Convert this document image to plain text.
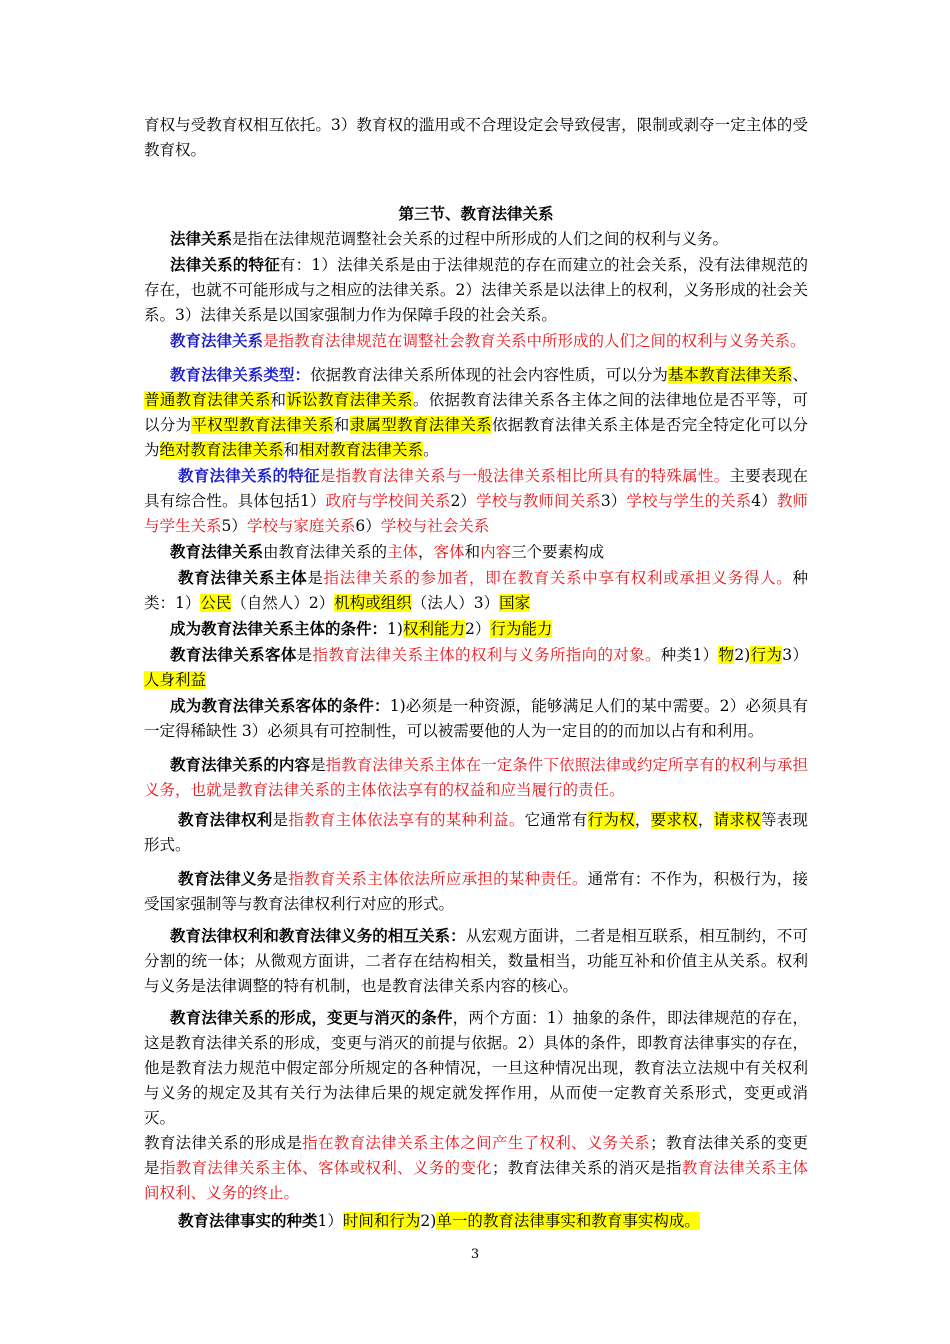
育权与受教育权相互依托。3）教育权的滥用或不合理设定会导致侵害，限制或剥夺一定主体的受教育权。

第三节、教育法律关系

法律关系是指在法律规范调整社会关系的过程中所形成的人们之间的权利与义务。

法律关系的特征有：1）法律关系是由于法律规范的存在而建立的社会关系，没有法律规范的存在，也就不可能形成与之相应的法律关系。2）法律关系是以法律上的权利，义务形成的社会关系。3）法律关系是以国家强制力作为保障手段的社会关系。

教育法律关系是指教育法律规范在调整社会教育关系中所形成的人们之间的权利与义务关系。

教育法律关系类型：依据教育法律关系所体现的社会内容性质，可以分为基本教育法律关系、普通教育法律关系和诉讼教育法律关系。依据教育法律关系各主体之间的法律地位是否平等，可以分为平权型教育法律关系和隶属型教育法律关系依据教育法律关系主体是否完全特定化可以分为绝对教育法律关系和相对教育法律关系。

教育法律关系的特征是指教育法律关系与一般法律关系相比所具有的特殊属性。主要表现在具有综合性。具体包括1）政府与学校间关系2）学校与教师间关系3）学校与学生的关系4）教师与学生关系5）学校与家庭关系6）学校与社会关系

教育法律关系由教育法律关系的主体，客体和内容三个要素构成

教育法律关系主体是指法律关系的参加者，即在教育关系中享有权利或承担义务得人。种类：1）公民（自然人）2）机构或组织（法人）3）国家

成为教育法律关系主体的条件：1)权利能力2）行为能力

教育法律关系客体是指教育法律关系主体的权利与义务所指向的对象。种类1）物2)行为3）人身利益

成为教育法律关系客体的条件：1)必须是一种资源，能够满足人们的某中需要。2）必须具有一定得稀缺性 3）必须具有可控制性，可以被需要他的人为一定目的的而加以占有和利用。

教育法律关系的内容是指教育法律关系主体在一定条件下依照法律或约定所享有的权利与承担义务，也就是教育法律关系的主体依法享有的权益和应当履行的责任。

教育法律权利是指教育主体依法享有的某种利益。它通常有行为权，要求权，请求权等表现形式。

教育法律义务是指教育关系主体依法所应承担的某种责任。通常有：不作为，积极行为，接受国家强制等与教育法律权利行对应的形式。

教育法律权利和教育法律义务的相互关系：从宏观方面讲，二者是相互联系，相互制约，不可分割的统一体；从微观方面讲，二者存在结构相关，数量相当，功能互补和价值主从关系。权利与义务是法律调整的特有机制，也是教育法律关系内容的核心。

教育法律关系的形成，变更与消灭的条件，两个方面：1）抽象的条件，即法律规范的存在，这是教育法律关系的形成，变更与消灭的前提与依据。2）具体的条件，即教育法律事实的存在，他是教育法力规范中假定部分所规定的各种情况，一旦这种情况出现，教育法立法规中有关权利与义务的规定及其有关行为法律后果的规定就发挥作用，从而使一定教育关系形式，变更或消灭。

教育法律关系的形成是指在教育法律关系主体之间产生了权利、义务关系；教育法律关系的变更是指教育法律关系主体、客体或权利、义务的变化；教育法律关系的消灭是指教育法律关系主体间权利、义务的终止。

教育法律事实的种类1）时间和行为2)单一的教育法律事实和教育事实构成。

3
